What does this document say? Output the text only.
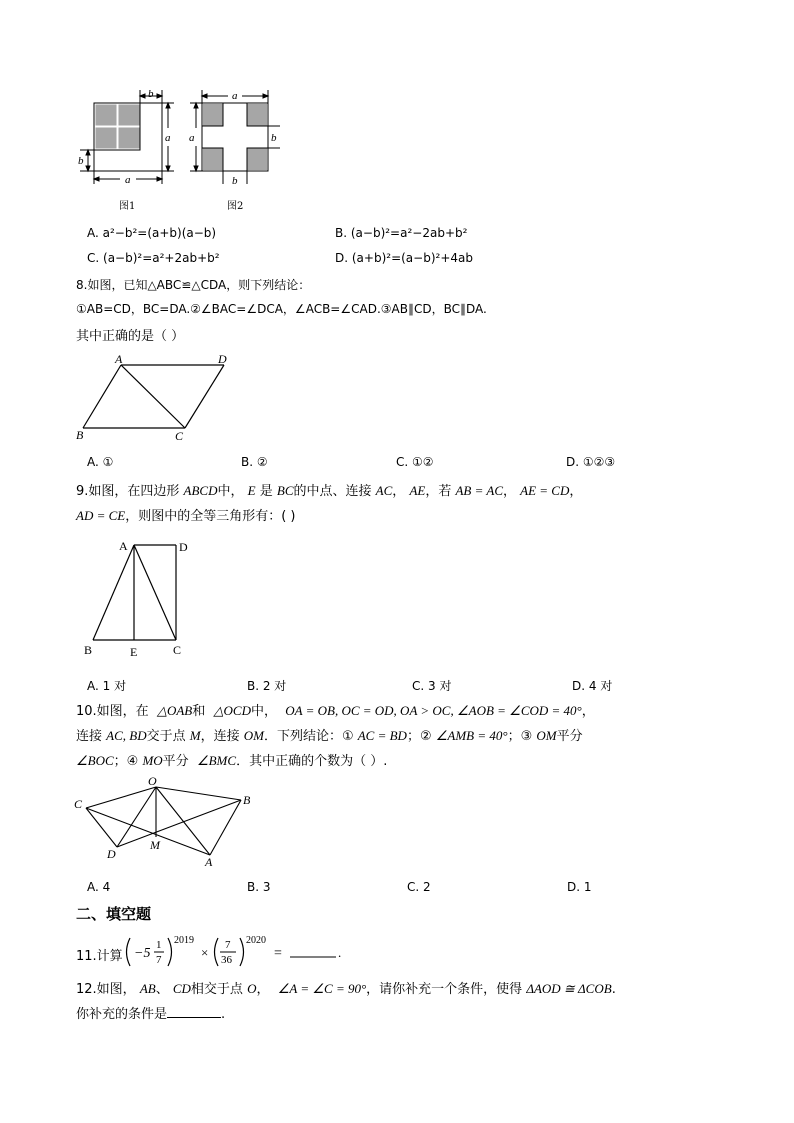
b
a
b
a
a
a	b
b
图1	图2
A. a²−b²=(a+b)(a−b)	B. (a−b)²=a²−2ab+b²
C. (a−b)²=a²+2ab+b²	D. (a+b)²=(a−b)²+4ab
8.如图，已知△ABC≌△CDA，则下列结论：
①AB=CD，BC=DA.②∠BAC=∠DCA，∠ACB=∠CAD.③AB∥CD，BC∥DA.
其中正确的是（ ）
A	D
B	C
A. ①	B. ②	C. ①②	D. ①②③
9.如图，在四边形 ABCD中， E 是 BC的中点、连接 AC， AE，若 AB = AC， AE = CD，
AD = CE，则图中的全等三角形有：( )
A	D
B	E	C
A. 1 对	B. 2 对	C. 3 对	D. 4 对
10.如图，在  △OAB和  △OCD中，  OA = OB, OC = OD, OA > OC, ∠AOB = ∠COD = 40°，
连接 AC, BD交于点 M，连接 OM．下列结论：① AC = BD；② ∠AMB = 40°；③ OM平分
∠BOC；④ MO平分  ∠BMC．其中正确的个数为（ ）.
O
C	B
D
M
A
A. 4	B. 3	C. 2	D. 1
二、填空题
11.计算 −5
1
7
2019
× 7
36
2020
=	.
12.如图， AB、 CD相交于点 O，  ∠A = ∠C = 90°，请你补充一个条件，使得 ΔAOD ≅ ΔCOB.
你补充的条件是	.
